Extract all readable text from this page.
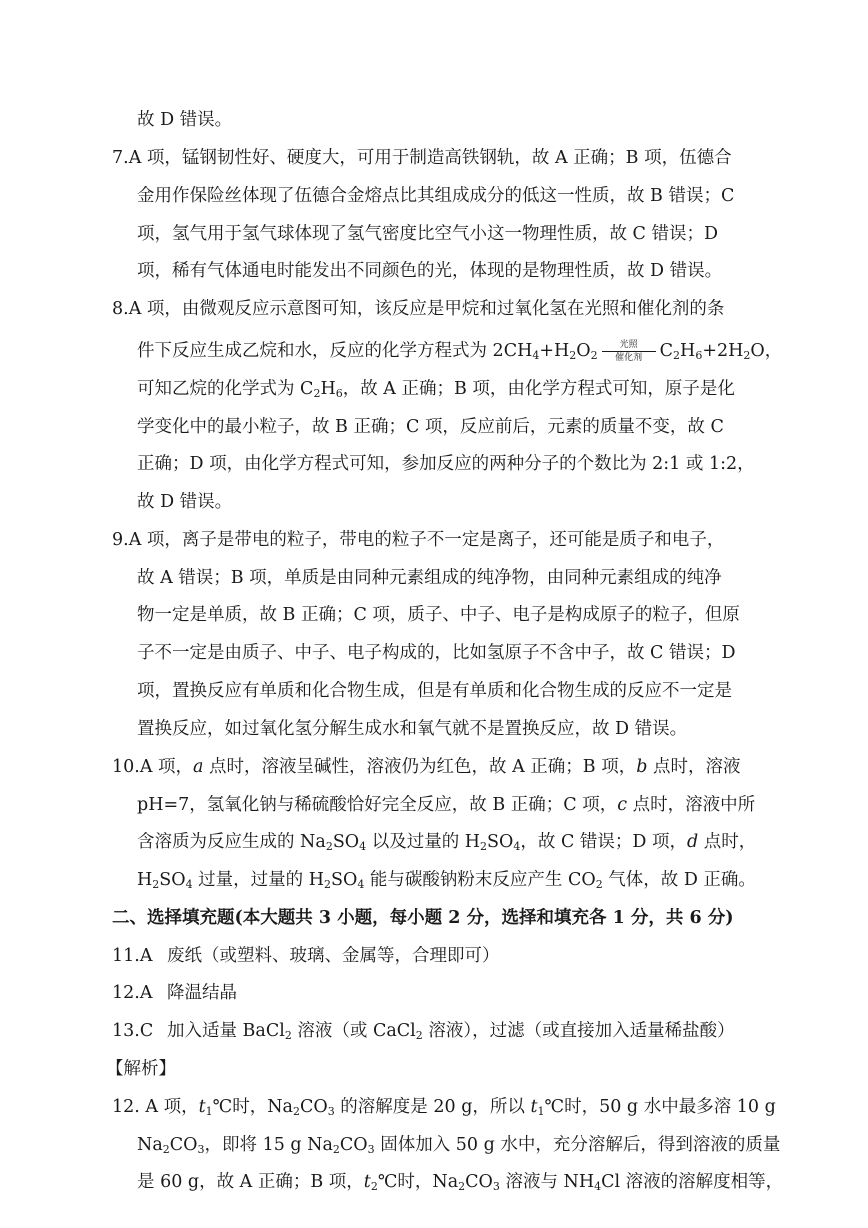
故 D 错误。
7.A 项，锰钢韧性好、硬度大，可用于制造高铁钢轨，故 A 正确；B 项，伍德合
金用作保险丝体现了伍德合金熔点比其组成成分的低这一性质，故 B 错误；C
项，氢气用于氢气球体现了氢气密度比空气小这一物理性质，故 C 错误；D
项，稀有气体通电时能发出不同颜色的光，体现的是物理性质，故 D 错误。
8.A 项，由微观反应示意图可知，该反应是甲烷和过氧化氢在光照和催化剂的条
件下反应生成乙烷和水，反应的化学方程式为 $2CH_4+H_2O_2$
光照
催化剂	$C_2H_6+2H_2O$，
可知乙烷的化学式为 $C_2H_6$，故 A 正确；B 项，由化学方程式可知，原子是化
学变化中的最小粒子，故 B 正确；C 项，反应前后，元素的质量不变，故 C
正确；D 项，由化学方程式可知，参加反应的两种分子的个数比为 2:1 或 1:2，
故 D 错误。
9.A 项，离子是带电的粒子，带电的粒子不一定是离子，还可能是质子和电子，
故 A 错误；B 项，单质是由同种元素组成的纯净物，由同种元素组成的纯净
物一定是单质，故 B 正确；C 项，质子、中子、电子是构成原子的粒子，但原
子不一定是由质子、中子、电子构成的，比如氢原子不含中子，故 C 错误；D
项，置换反应有单质和化合物生成，但是有单质和化合物生成的反应不一定是
置换反应，如过氧化氢分解生成水和氧气就不是置换反应，故 D 错误。
10.A 项，a 点时，溶液呈碱性，溶液仍为红色，故 A 正确；B 项，b 点时，溶液
pH=7，氢氧化钠与稀硫酸恰好完全反应，故 B 正确；C 项，c 点时，溶液中所
含溶质为反应生成的 $Na_2SO_4$ 以及过量的 $H_2SO_4$，故 C 错误；D 项，d 点时，
$H_2SO_4$ 过量，过量的 $H_2SO_4$ 能与碳酸钠粉末反应产生 $CO_2$ 气体，故 D 正确。
二、选择填充题(本大题共 3 小题，每小题 2 分，选择和填充各 1 分，共 6 分)
11.A 废纸（或塑料、玻璃、金属等，合理即可）
12.A 降温结晶
13.C 加入适量 BaCl$_2$ 溶液（或 CaCl$_2$ 溶液），过滤（或直接加入适量稀盐酸）
【解析】
12. A 项，$t_1℃$时，$Na_2CO_3$ 的溶解度是 20 g，所以 $t_1℃$时，50 g 水中最多溶 10 g
$Na_2CO_3$，即将 15 g $Na_2CO_3$ 固体加入 50 g 水中，充分溶解后，得到溶液的质量
是 60 g，故 A 正确；B 项，$t_2℃$时，$Na_2CO_3$ 溶液与 $NH_4Cl$ 溶液的溶解度相等，
